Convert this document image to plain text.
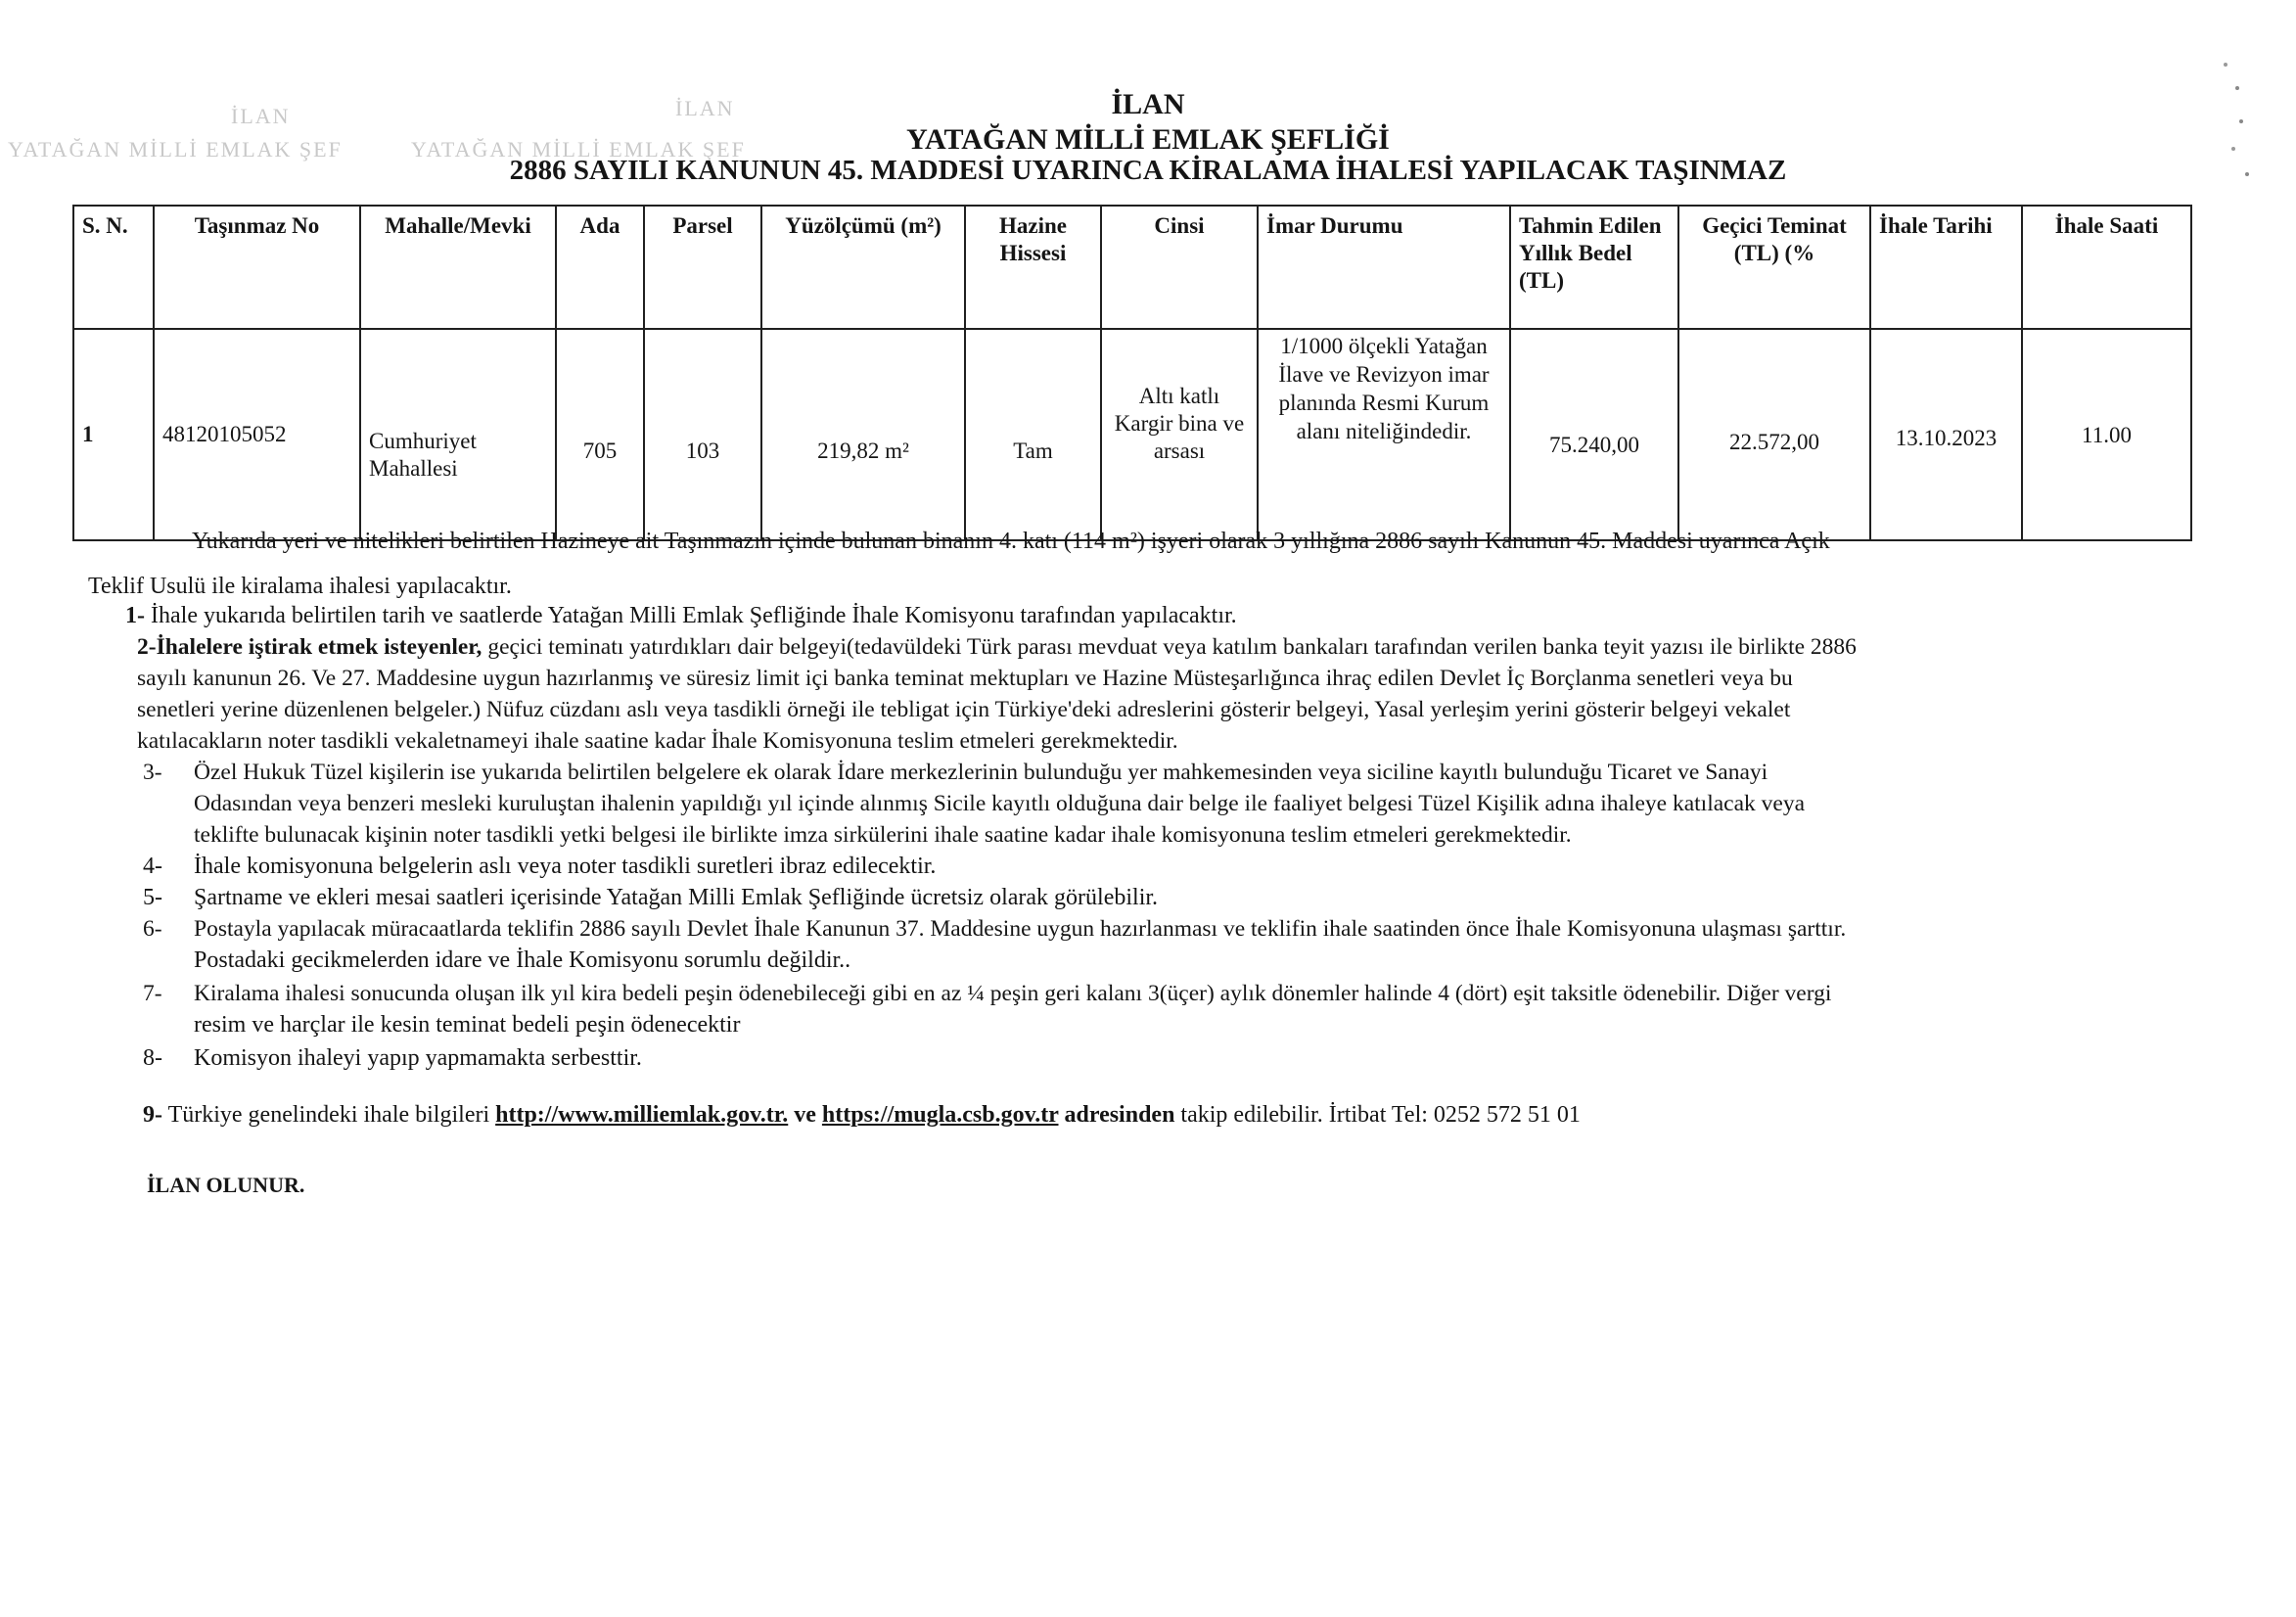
İLAN	İLAN
YATAĞAN MİLLİ EMLAK ŞEF	YATAĞAN MİLLİ EMLAK ŞEF
İLAN
YATAĞAN MİLLİ EMLAK ŞEFLİĞİ
2886 SAYILI KANUNUN 45. MADDESİ UYARINCA KİRALAMA İHALESİ YAPILACAK TAŞINMAZ
S. N.	Taşınmaz No	Mahalle/Mevki	Ada	Parsel	Yüzölçümü (m²)	Hazine Hissesi	Cinsi	İmar Durumu	Tahmin Edilen Yıllık Bedel (TL)	Geçici Teminat (TL) (%	İhale Tarihi	İhale Saati
1	48120105052	Cumhuriyet Mahallesi	705	103	219,82 m²	Tam	Altı katlı Kargir bina ve arsası	1/1000 ölçekli Yatağan İlave ve Revizyon imar planında Resmi Kurum alanı niteliğindedir.	75.240,00	22.572,00	13.10.2023	11.00
Yukarıda yeri ve nitelikleri belirtilen Hazineye ait Taşınmazın içinde bulunan binanın 4. katı (114 m²) işyeri olarak 3 yıllığına 2886 sayılı Kanunun 45. Maddesi uyarınca Açık
Teklif Usulü ile kiralama ihalesi yapılacaktır.
1- İhale yukarıda belirtilen tarih ve saatlerde Yatağan Milli Emlak Şefliğinde İhale Komisyonu tarafından yapılacaktır.
2-İhalelere iştirak etmek isteyenler, geçici teminatı yatırdıkları dair belgeyi(tedavüldeki Türk parası mevduat veya katılım bankaları tarafından verilen banka teyit yazısı ile birlikte 2886
sayılı kanunun 26. Ve 27. Maddesine uygun hazırlanmış ve süresiz limit içi banka teminat mektupları ve Hazine Müsteşarlığınca ihraç edilen Devlet İç Borçlanma senetleri veya bu
senetleri yerine düzenlenen belgeler.) Nüfuz cüzdanı aslı veya tasdikli örneği ile tebligat için Türkiye'deki adreslerini gösterir belgeyi, Yasal yerleşim yerini gösterir belgeyi vekalet
katılacakların noter tasdikli vekaletnameyi ihale saatine kadar İhale Komisyonuna teslim etmeleri gerekmektedir.
3- Özel Hukuk Tüzel kişilerin ise yukarıda belirtilen belgelere ek olarak İdare merkezlerinin bulunduğu yer mahkemesinden veya siciline kayıtlı bulunduğu Ticaret ve Sanayi
Odasından veya benzeri mesleki kuruluştan ihalenin yapıldığı yıl içinde alınmış Sicile kayıtlı olduğuna dair belge ile faaliyet belgesi Tüzel Kişilik adına ihaleye katılacak veya
teklifte bulunacak kişinin noter tasdikli yetki belgesi ile birlikte imza sirkülerini ihale saatine kadar ihale komisyonuna teslim etmeleri gerekmektedir.
4- İhale komisyonuna belgelerin aslı veya noter tasdikli suretleri ibraz edilecektir.
5- Şartname ve ekleri mesai saatleri içerisinde Yatağan Milli Emlak Şefliğinde ücretsiz olarak görülebilir.
6- Postayla yapılacak müracaatlarda teklifin 2886 sayılı Devlet İhale Kanunun 37. Maddesine uygun hazırlanması ve teklifin ihale saatinden önce İhale Komisyonuna ulaşması şarttır.
Postadaki gecikmelerden idare ve İhale Komisyonu sorumlu değildir..
7- Kiralama ihalesi sonucunda oluşan ilk yıl kira bedeli peşin ödenebileceği gibi en az ¼ peşin geri kalanı 3(üçer) aylık dönemler halinde 4 (dört) eşit taksitle ödenebilir. Diğer vergi
resim ve harçlar ile kesin teminat bedeli peşin ödenecektir
8- Komisyon ihaleyi yapıp yapmamakta serbesttir.
9- Türkiye genelindeki ihale bilgileri http://www.milliemlak.gov.tr. ve https://mugla.csb.gov.tr adresinden takip edilebilir. İrtibat Tel: 0252 572 51 01
İLAN OLUNUR.
